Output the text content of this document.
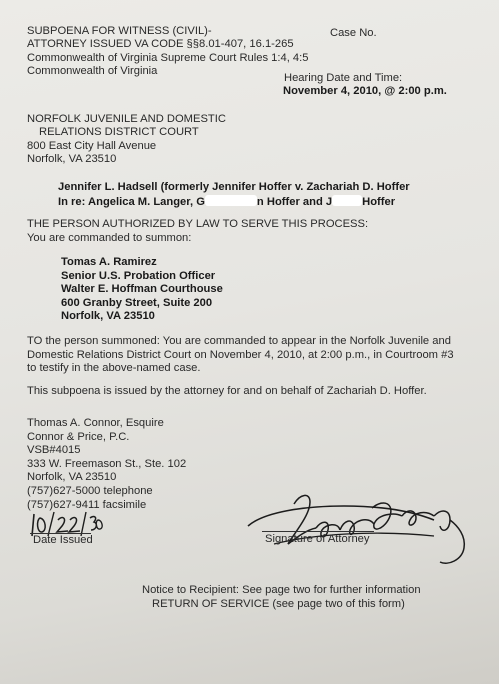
SUBPOENA FOR WITNESS (CIVIL)-
ATTORNEY ISSUED VA CODE §§8.01-407, 16.1-265
Commonwealth of Virginia Supreme Court Rules 1:4, 4:5
Commonwealth of Virginia
Case No.
Hearing Date and Time:
November 4, 2010, @ 2:00 p.m.
NORFOLK JUVENILE AND DOMESTIC
RELATIONS DISTRICT COURT
800 East City Hall Avenue
Norfolk, VA 23510
Jennifer L. Hadsell (formerly Jennifer Hoffer v. Zachariah D. Hoffer
In re: Angelica M. Langer, G	n Hoffer and J	Hoffer
THE PERSON AUTHORIZED BY LAW TO SERVE THIS PROCESS:
You are commanded to summon:
Tomas A. Ramirez
Senior U.S. Probation Officer
Walter E. Hoffman Courthouse
600 Granby Street, Suite 200
Norfolk, VA 23510
TO the person summoned: You are commanded to appear in the Norfolk Juvenile and
Domestic Relations District Court on November 4, 2010, at 2:00 p.m., in Courtroom #3
to testify in the above-named case.
This subpoena is issued by the attorney for and on behalf of Zachariah D. Hoffer.
Thomas A. Connor, Esquire
Connor & Price, P.C.
VSB#4015
333 W. Freemason St., Ste. 102
Norfolk, VA 23510
(757)627-5000 telephone
(757)627-9411 facsimile
Date Issued	Signature of Attorney
Notice to Recipient: See page two for further information
RETURN OF SERVICE (see page two of this form)
